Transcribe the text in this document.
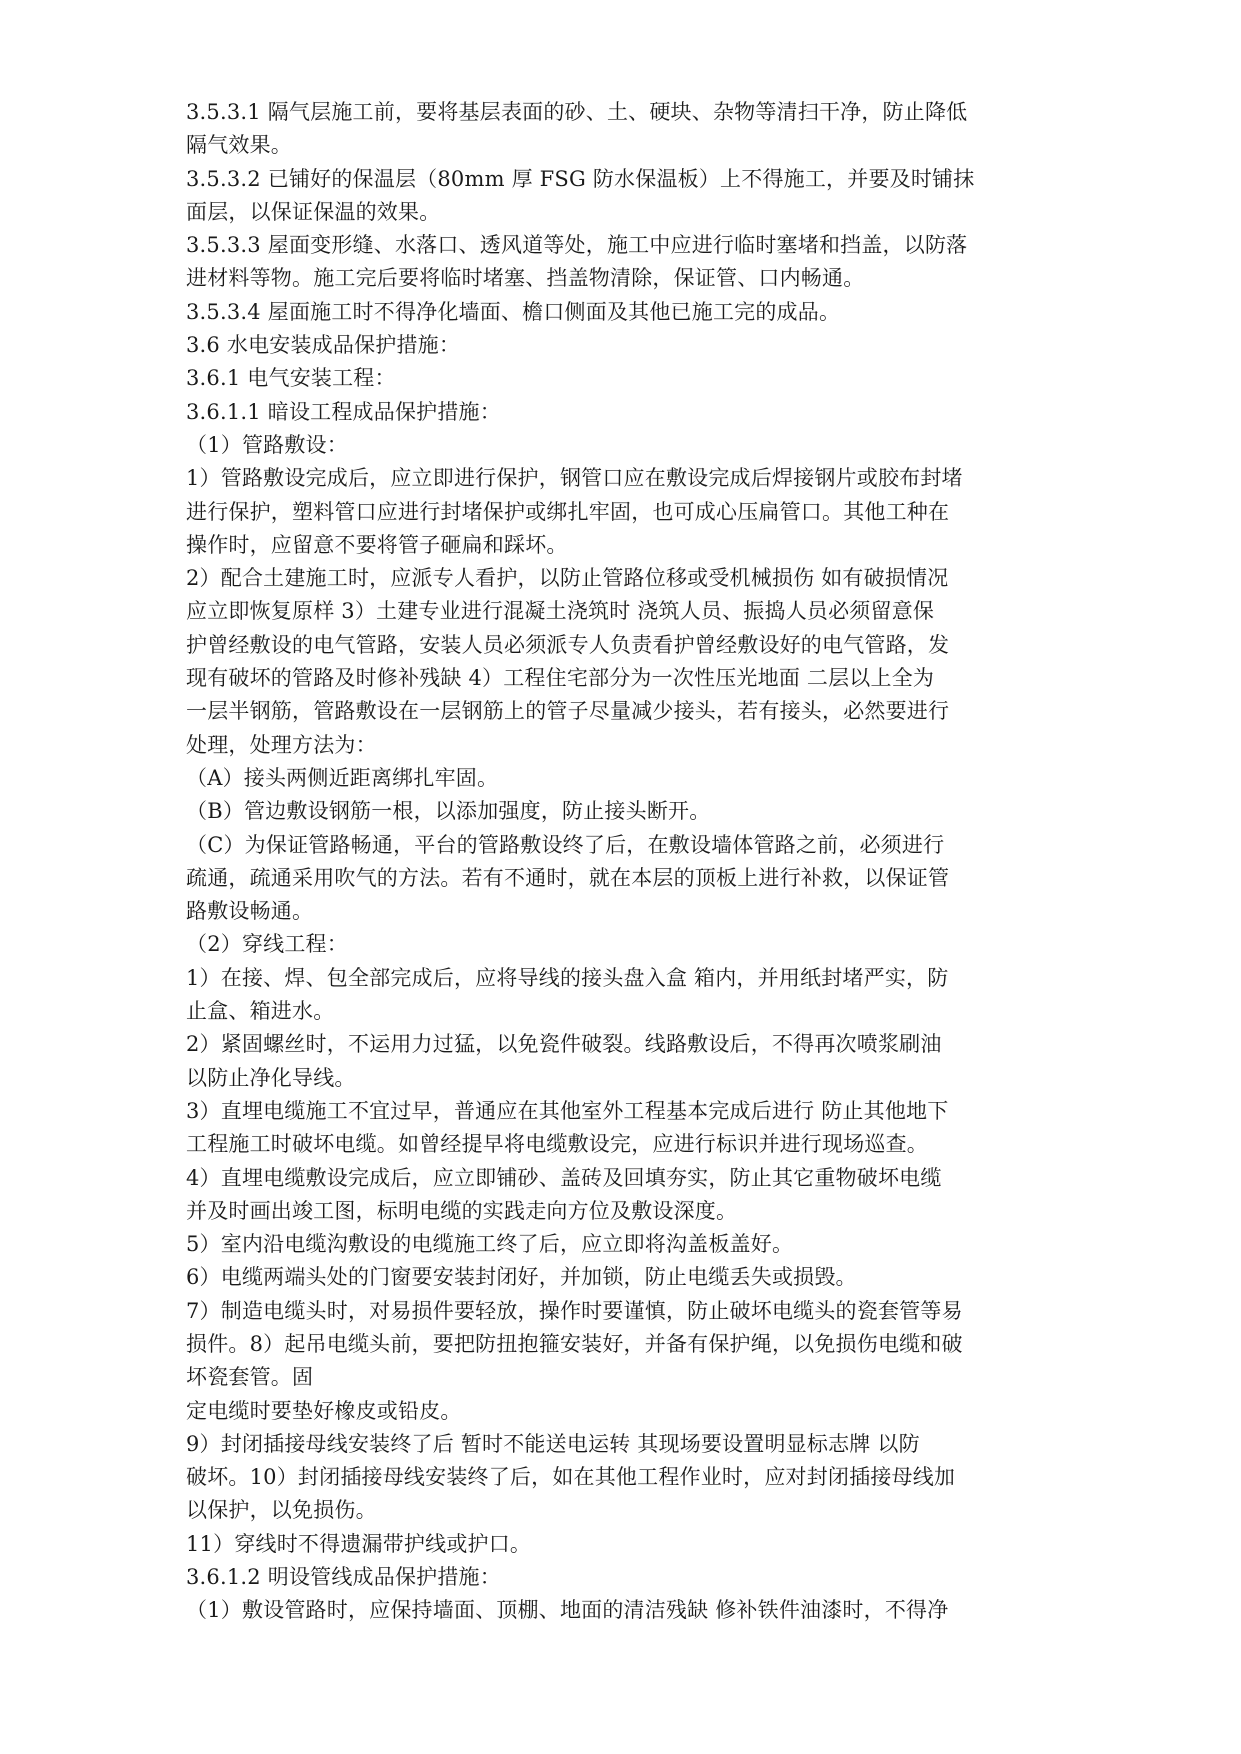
3.5.3.1 隔气层施工前，要将基层表面的砂、土、硬块、杂物等清扫干净，防止降低
隔气效果。
3.5.3.2 已铺好的保温层（80mm 厚 FSG 防水保温板）上不得施工，并要及时铺抹
面层，以保证保温的效果。
3.5.3.3 屋面变形缝、水落口、透风道等处，施工中应进行临时塞堵和挡盖，以防落
进材料等物。施工完后要将临时堵塞、挡盖物清除，保证管、口内畅通。
3.5.3.4 屋面施工时不得净化墙面、檐口侧面及其他已施工完的成品。
3.6 水电安装成品保护措施：
3.6.1 电气安装工程：
3.6.1.1 暗设工程成品保护措施：
（1）管路敷设：
1）管路敷设完成后，应立即进行保护，钢管口应在敷设完成后焊接钢片或胶布封堵
进行保护，塑料管口应进行封堵保护或绑扎牢固，也可成心压扁管口。其他工种在
操作时，应留意不要将管子砸扁和踩坏。
2）配合土建施工时，应派专人看护，以防止管路位移或受机械损伤 如有破损情况
应立即恢复原样 3）土建专业进行混凝土浇筑时 浇筑人员、振捣人员必须留意保
护曾经敷设的电气管路，安装人员必须派专人负责看护曾经敷设好的电气管路，发
现有破坏的管路及时修补残缺 4）工程住宅部分为一次性压光地面 二层以上全为
一层半钢筋，管路敷设在一层钢筋上的管子尽量减少接头，若有接头，必然要进行
处理，处理方法为：
（A）接头两侧近距离绑扎牢固。
（B）管边敷设钢筋一根，以添加强度，防止接头断开。
（C）为保证管路畅通，平台的管路敷设终了后，在敷设墙体管路之前，必须进行
疏通，疏通采用吹气的方法。若有不通时，就在本层的顶板上进行补救，以保证管
路敷设畅通。
（2）穿线工程：
1）在接、焊、包全部完成后，应将导线的接头盘入盒 箱内，并用纸封堵严实，防
止盒、箱进水。
2）紧固螺丝时，不运用力过猛，以免瓷件破裂。线路敷设后，不得再次喷浆刷油
以防止净化导线。
3）直埋电缆施工不宜过早，普通应在其他室外工程基本完成后进行 防止其他地下
工程施工时破坏电缆。如曾经提早将电缆敷设完，应进行标识并进行现场巡查。
4）直埋电缆敷设完成后，应立即铺砂、盖砖及回填夯实，防止其它重物破坏电缆
并及时画出竣工图，标明电缆的实践走向方位及敷设深度。
5）室内沿电缆沟敷设的电缆施工终了后，应立即将沟盖板盖好。
6）电缆两端头处的门窗要安装封闭好，并加锁，防止电缆丢失或损毁。
7）制造电缆头时，对易损件要轻放，操作时要谨慎，防止破坏电缆头的瓷套管等易
损件。8）起吊电缆头前，要把防扭抱箍安装好，并备有保护绳，以免损伤电缆和破
坏瓷套管。固
定电缆时要垫好橡皮或铅皮。
9）封闭插接母线安装终了后 暂时不能送电运转 其现场要设置明显标志牌 以防
破坏。10）封闭插接母线安装终了后，如在其他工程作业时，应对封闭插接母线加
以保护，以免损伤。
11）穿线时不得遗漏带护线或护口。
3.6.1.2 明设管线成品保护措施：
（1）敷设管路时，应保持墙面、顶棚、地面的清洁残缺 修补铁件油漆时，不得净
